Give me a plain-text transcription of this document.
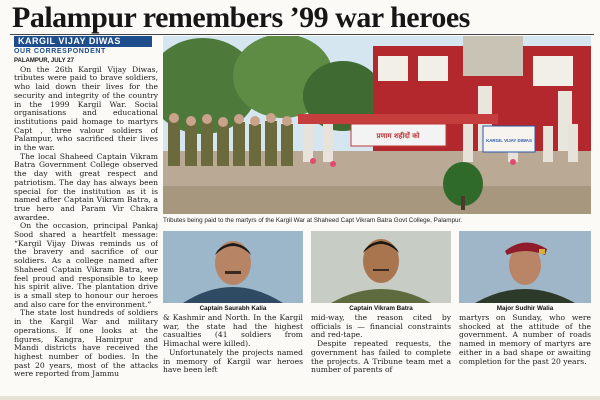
Palampur remembers ’99 war heroes
KARGIL VIJAY DIWAS
OUR CORRESPONDENT

PALAMPUR, JULY 27

On the 26th Kargil Vijay Diwas, tributes were paid to brave soldiers, who laid down their lives for the security and integrity of the country in the 1999 Kargil War. Social organisations and educational institutions paid homage to martyrs Capt , three valour soldiers of Palampur, who sacrificed their lives in the war.

The local Shaheed Captain Vikram Batra Government College observed the day with great respect and patriotism. The day has always been special for the institution as it is named after Captain Vikram Batra, a true hero and Param Vir Chakra awardee.

On the occasion, principal Pankaj Sood shared a heartfelt message: “Kargil Vijay Diwas reminds us of the bravery and sacrifice of our soldiers. As a college named after Shaheed Captain Vikram Batra, we feel proud and responsible to keep his spirit alive. The plantation drive is a small step to honour our heroes and also care for the environment.”

The state lost hundreds of soldiers in the Kargil War and military operations. If one looks at the figures, Kangra, Hamirpur and Mandi districts have received the highest number of bodies. In the past 20 years, most of the attacks were reported from Jammu

प्रणाम शहीदों को
KARGIL VIJAY DIWAS
Tributes being paid to the martyrs of the Kargil War at Shaheed Capt Vikram Batra Govt College, Palampur.
Captain Saurabh Kalia	Captain Vikram Batra	Major Sudhir Walia

& Kashmir and North. In the Kargil war, the state had the highest casualties (41 soldiers from Himachal were killed).

Unfortunately the projects named in memory of Kargil war heroes have been left

mid-way, the reason cited by officials is — financial constraints and red-tape.

Despite repeated requests, the government has failed to complete the projects. A Tribune team met a number of parents of

martyrs on Sunday, who were shocked at the attitude of the government. A number of roads named in memory of martyrs are either in a bad shape or awaiting completion for the past 20 years.
